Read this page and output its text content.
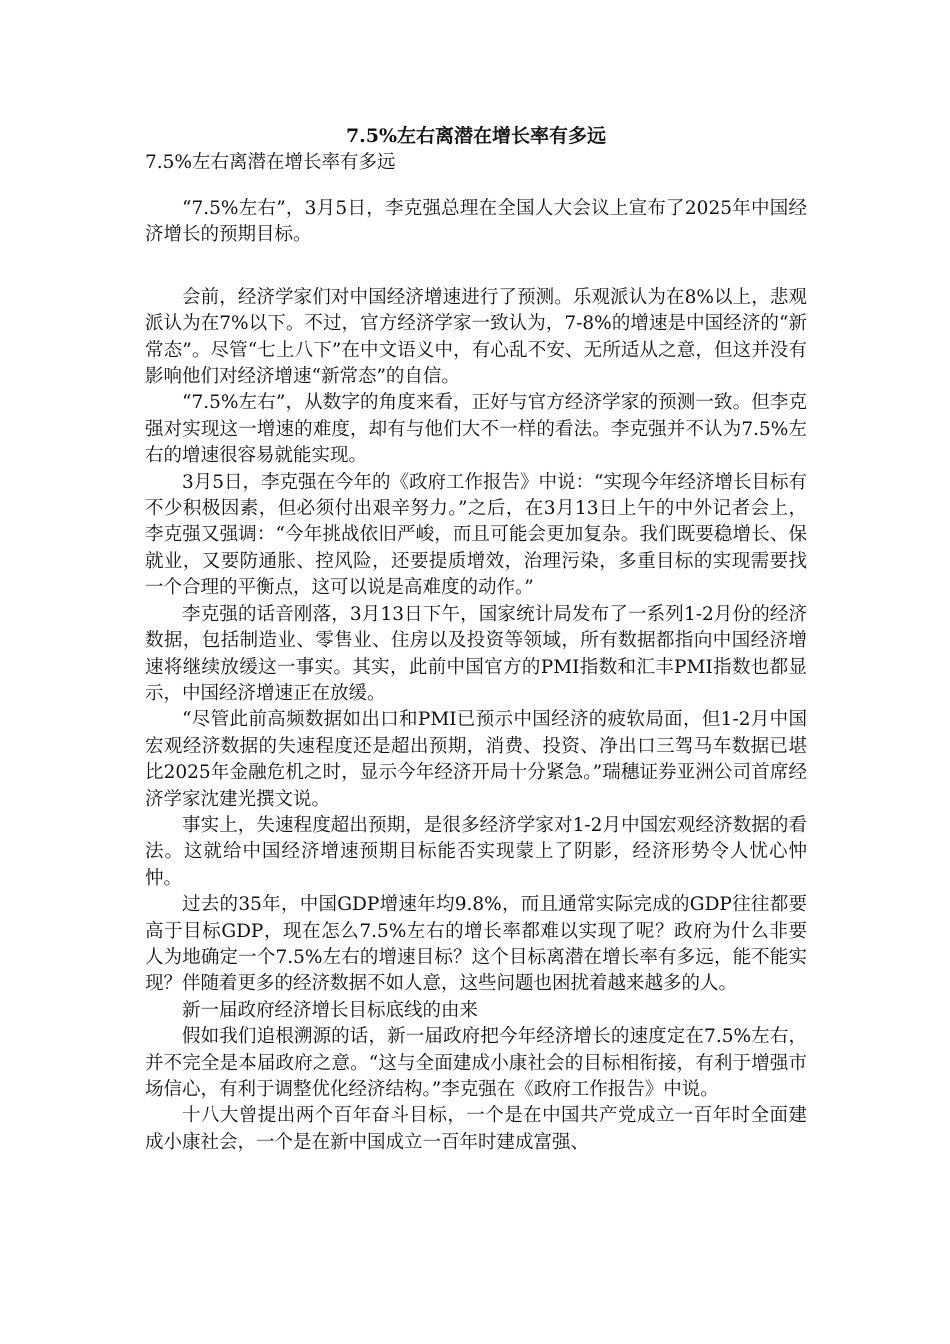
7.5%左右离潜在增长率有多远

7.5%左右离潜在增长率有多远

“7.5%左右”，3月5日，李克强总理在全国人大会议上宣布了2025年中国经济增长的预期目标。

会前，经济学家们对中国经济增速进行了预测。乐观派认为在8%以上，悲观派认为在7%以下。不过，官方经济学家一致认为，7-8%的增速是中国经济的“新常态”。尽管“七上八下”在中文语义中，有心乱不安、无所适从之意，但这并没有影响他们对经济增速“新常态”的自信。

“7.5%左右”，从数字的角度来看，正好与官方经济学家的预测一致。但李克强对实现这一增速的难度，却有与他们大不一样的看法。李克强并不认为7.5%左右的增速很容易就能实现。

3月5日，李克强在今年的《政府工作报告》中说：“实现今年经济增长目标有不少积极因素，但必须付出艰辛努力。”之后，在3月13日上午的中外记者会上，李克强又强调：“今年挑战依旧严峻，而且可能会更加复杂。我们既要稳增长、保就业，又要防通胀、控风险，还要提质增效，治理污染，多重目标的实现需要找一个合理的平衡点，这可以说是高难度的动作。”

李克强的话音刚落，3月13日下午，国家统计局发布了一系列1-2月份的经济数据，包括制造业、零售业、住房以及投资等领域，所有数据都指向中国经济增速将继续放缓这一事实。其实，此前中国官方的PMI指数和汇丰PMI指数也都显示，中国经济增速正在放缓。

“尽管此前高频数据如出口和PMI已预示中国经济的疲软局面，但1-2月中国宏观经济数据的失速程度还是超出预期，消费、投资、净出口三驾马车数据已堪比2025年金融危机之时，显示今年经济开局十分紧急。”瑞穗证券亚洲公司首席经济学家沈建光撰文说。

事实上，失速程度超出预期，是很多经济学家对1-2月中国宏观经济数据的看法。这就给中国经济增速预期目标能否实现蒙上了阴影，经济形势令人忧心忡忡。

过去的35年，中国GDP增速年均9.8%，而且通常实际完成的GDP往往都要高于目标GDP，现在怎么7.5%左右的增长率都难以实现了呢？政府为什么非要人为地确定一个7.5%左右的增速目标？这个目标离潜在增长率有多远，能不能实现？伴随着更多的经济数据不如人意，这些问题也困扰着越来越多的人。

新一届政府经济增长目标底线的由来

假如我们追根溯源的话，新一届政府把今年经济增长的速度定在7.5%左右，并不完全是本届政府之意。“这与全面建成小康社会的目标相衔接，有利于增强市场信心，有利于调整优化经济结构。”李克强在《政府工作报告》中说。

十八大曾提出两个百年奋斗目标，一个是在中国共产党成立一百年时全面建成小康社会，一个是在新中国成立一百年时建成富强、
